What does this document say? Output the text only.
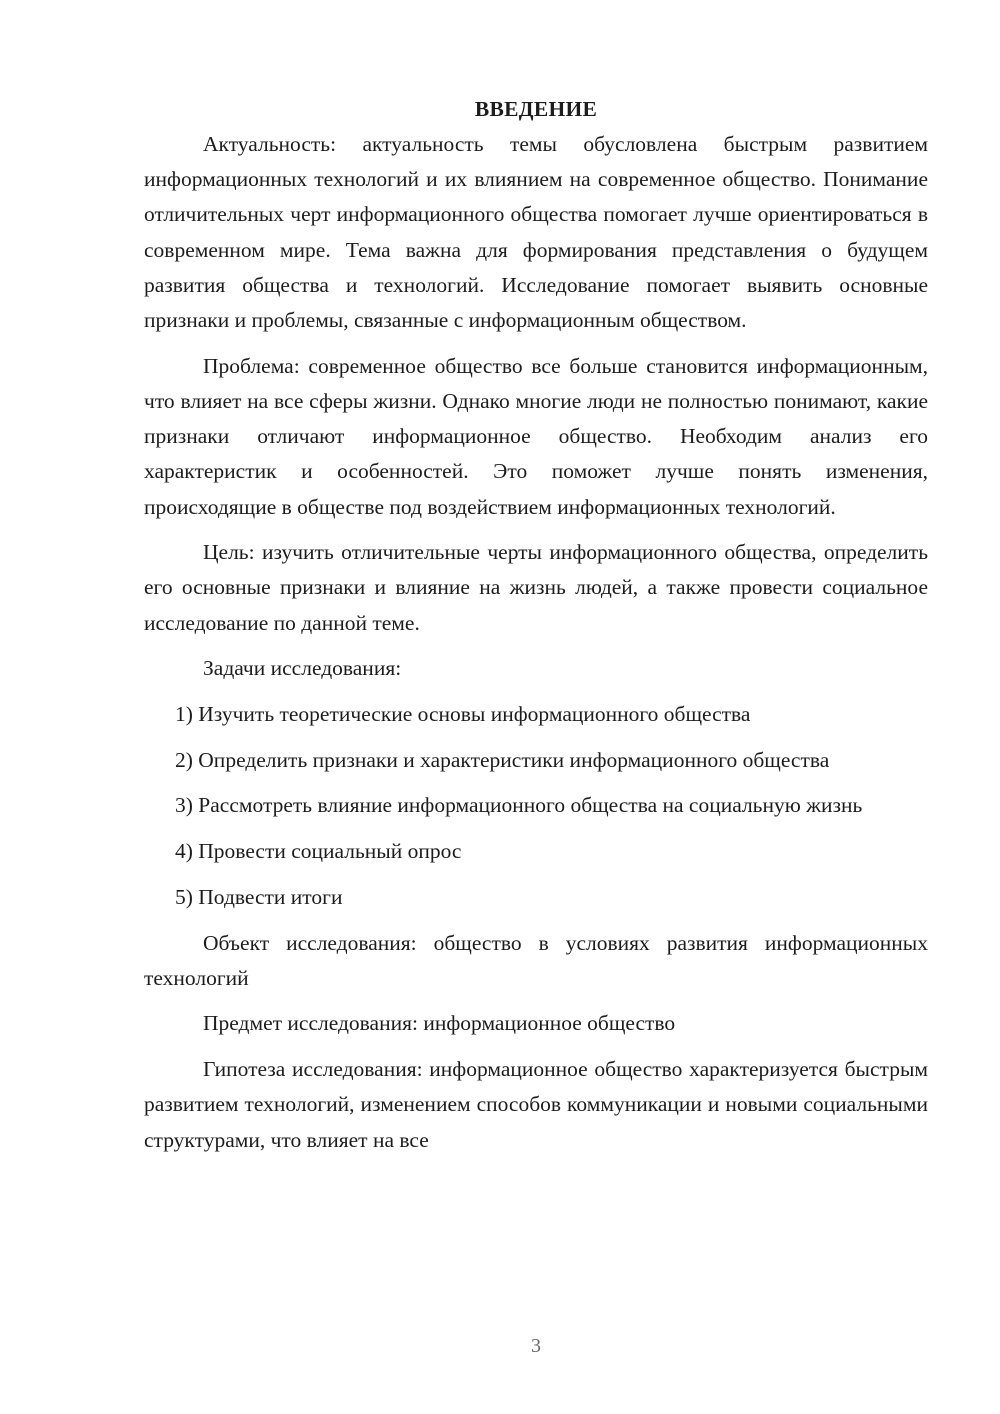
ВВЕДЕНИЕ

Актуальность: актуальность темы обусловлена быстрым развитием информационных технологий и их влиянием на современное общество. Понимание отличительных черт информационного общества помогает лучше ориентироваться в современном мире. Тема важна для формирования представления о будущем развития общества и технологий. Исследование помогает выявить основные признаки и проблемы, связанные с информационным обществом.

Проблема: современное общество все больше становится информационным, что влияет на все сферы жизни. Однако многие люди не полностью понимают, какие признаки отличают информационное общество. Необходим анализ его характеристик и особенностей. Это поможет лучше понять изменения, происходящие в обществе под воздействием информационных технологий.

Цель: изучить отличительные черты информационного общества, определить его основные признаки и влияние на жизнь людей, а также провести социальное исследование по данной теме.

Задачи исследования:

1) Изучить теоретические основы информационного общества

2) Определить признаки и характеристики информационного общества

3) Рассмотреть влияние информационного общества на социальную жизнь

4) Провести социальный опрос

5) Подвести итоги

Объект исследования: общество в условиях развития информационных технологий

Предмет исследования: информационное общество

Гипотеза исследования: информационное общество характеризуется быстрым развитием технологий, изменением способов коммуникации и новыми социальными структурами, что влияет на все

3
